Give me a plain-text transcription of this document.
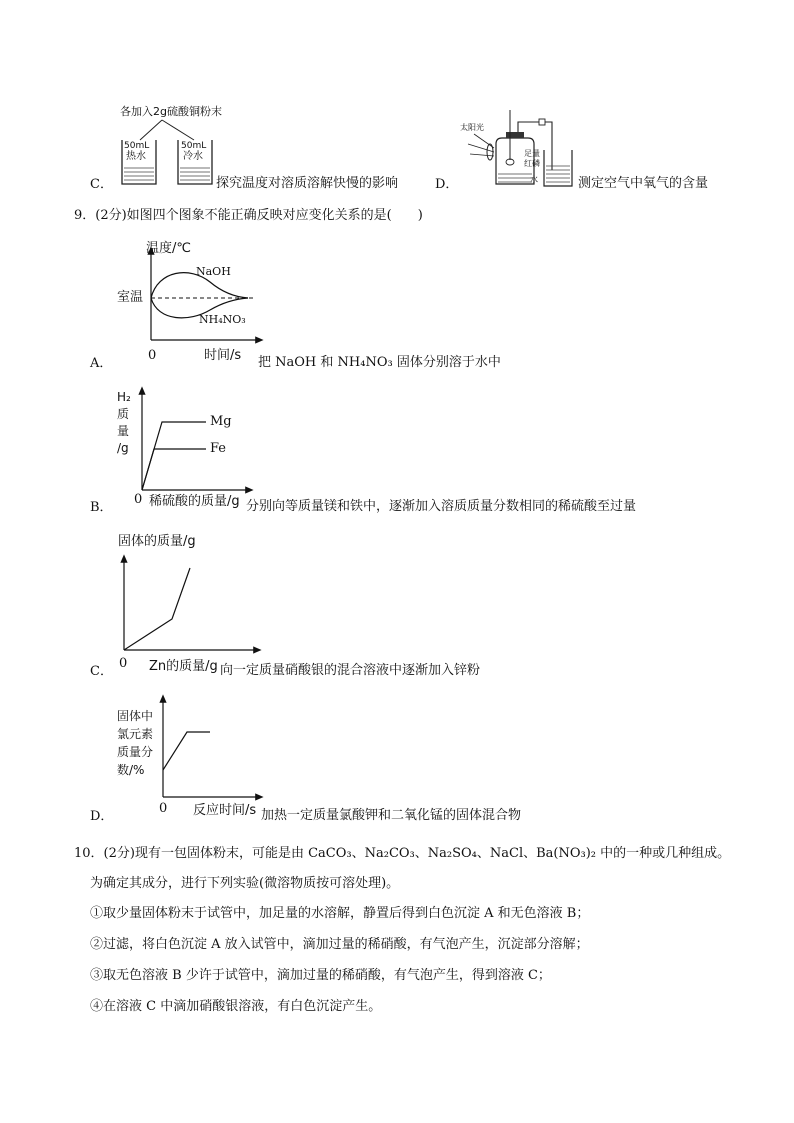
各加入2g硫酸铜粉末
50mL
热水
50mL
冷水
C．	探究温度对溶质溶解快慢的影响
太阳光
足量
红磷
水
D．	测定空气中氧气的含量
9．(2分)如图四个图象不能正确反映对应变化关系的是(　　)
温度/℃
室温
NaOH
NH₄NO₃
0	时间/s
A．	把 NaOH 和 NH₄NO₃ 固体分别溶于水中
H₂
质
量
/g
Mg
Fe
0 稀硫酸的质量/g
B．	分别向等质量镁和铁中，逐渐加入溶质质量分数相同的稀硫酸至过量
固体的质量/g
0 Zn的质量/g
C．	向一定质量硝酸银的混合溶液中逐渐加入锌粉
固体中
氯元素
质量分
数/%
0 反应时间/s
D．	加热一定质量氯酸钾和二氧化锰的固体混合物
10．(2分)现有一包固体粉末，可能是由 CaCO₃、Na₂CO₃、Na₂SO₄、NaCl、Ba(NO₃)₂ 中的一种或几种组成。
为确定其成分，进行下列实验(微溶物质按可溶处理)。
①取少量固体粉末于试管中，加足量的水溶解，静置后得到白色沉淀 A 和无色溶液 B；
②过滤，将白色沉淀 A 放入试管中，滴加过量的稀硝酸，有气泡产生，沉淀部分溶解；
③取无色溶液 B 少许于试管中，滴加过量的稀硝酸，有气泡产生，得到溶液 C；
④在溶液 C 中滴加硝酸银溶液，有白色沉淀产生。
